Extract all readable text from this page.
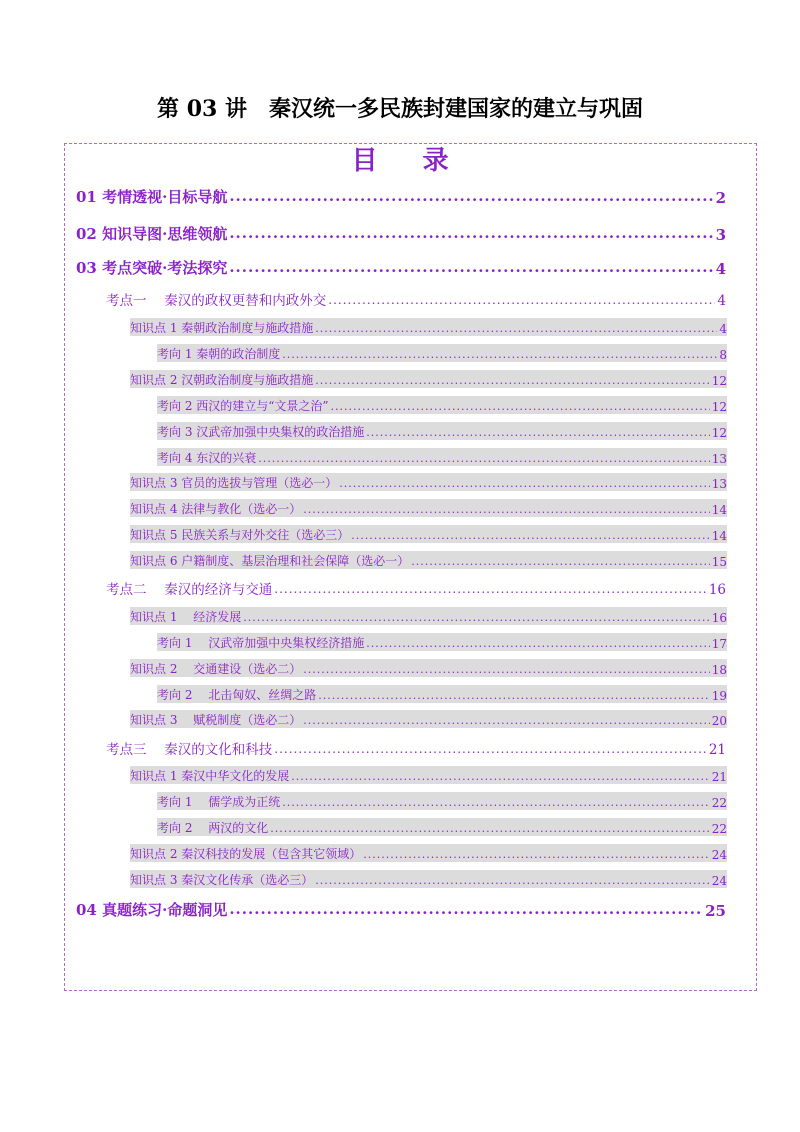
第 03 讲　秦汉统一多民族封建国家的建立与巩固
目 录
01 考情透视·目标导航 .....	2
02 知识导图·思维领航 .....	3
03 考点突破·考法探究 .....	4
考点一　 秦汉的政权更替和内政外交 .....	4
知识点 1 秦朝政治制度与施政措施 .....	4
考向 1 秦朝的政治制度 .....	8
知识点 2 汉朝政治制度与施政措施 .....	12
考向 2 西汉的建立与“文景之治” .....	12
考向 3 汉武帝加强中央集权的政治措施 .....	12
考向 4 东汉的兴衰 .....	13
知识点 3 官员的选拔与管理（选必一） .....	13
知识点 4 法律与教化（选必一） .....	14
知识点 5 民族关系与对外交往（选必三） .....	14
知识点 6 户籍制度、基层治理和社会保障（选必一） .....	15
考点二　 秦汉的经济与交通 .....	16
知识点 1　 经济发展 .....	16
考向 1　 汉武帝加强中央集权经济措施 .....	17
知识点 2　 交通建设（选必二） .....	18
考向 2　 北击匈奴、丝绸之路 .....	19
知识点 3　 赋税制度（选必二） .....	20
考点三　 秦汉的文化和科技 .....	21
知识点 1 秦汉中华文化的发展 .....	21
考向 1　 儒学成为正统 .....	22
考向 2　 两汉的文化 .....	22
知识点 2 秦汉科技的发展（包含其它领域） .....	24
知识点 3 秦汉文化传承（选必三） .....	24
04 真题练习·命题洞见 .....	25
